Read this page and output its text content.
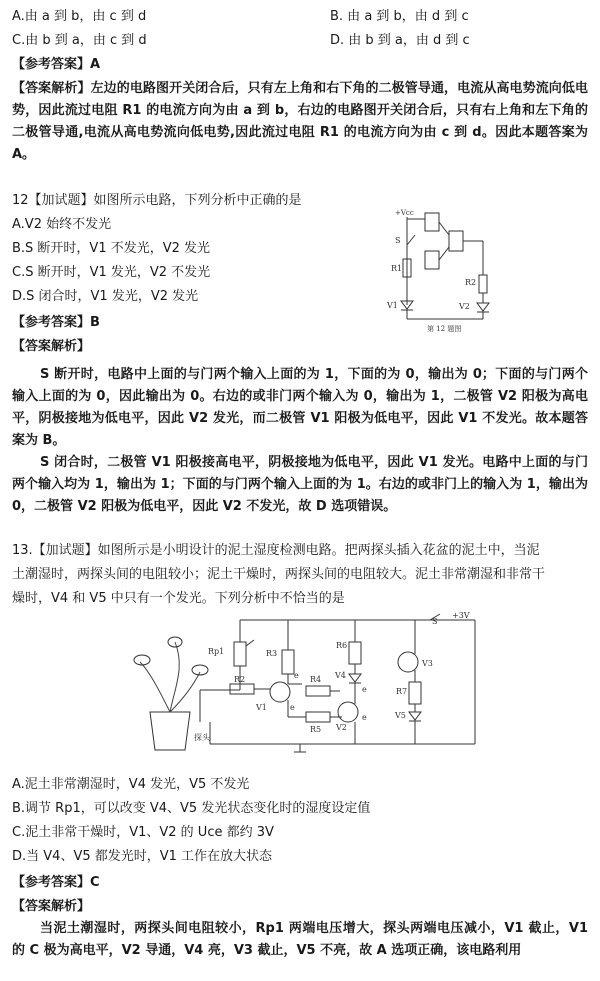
A.由 a 到 b，由 c 到 d	B. 由 a 到 b，由 d 到 c
C.由 b 到 a，由 c 到 d	D. 由 b 到 a，由 d 到 c
【参考答案】A

【答案解析】左边的电路图开关闭合后，只有左上角和右下角的二极管导通，电流从高电势流向低电势，因此流过电阻 R1 的电流方向为由 a 到 b，右边的电路图开关闭合后，只有右上角和左下角的二极管导通,电流从高电势流向低电势,因此流过电阻 R1 的电流方向为由 c 到 d。因此本题答案为 A。

12【加试题】如图所示电路，下列分析中正确的是
A.V2 始终不发光
B.S 断开时，V1 不发光，V2 发光
C.S 断开时，V1 发光，V2 不发光
D.S 闭合时，V1 发光，V2 发光
【参考答案】B
【答案解析】
+Vcc
S
R1
R2
V1	V2
第 12 题图

S 断开时，电路中上面的与门两个输入上面的为 1，下面的为 0，输出为 0；下面的与门两个输入上面的为 0，因此输出为 0。右边的或非门两个输入为 0，输出为 1，二极管 V2 阳极为高电平，阴极接地为低电平，因此 V2 发光，而二极管 V1 阳极为低电平，因此 V1 不发光。故本题答案为 B。

S 闭合时，二极管 V1 阳极接高电平，阴极接地为低电平，因此 V1 发光。电路中上面的与门两个输入均为 1，输出为 1；下面的与门两个输入上面的为 1。右边的或非门上的输入为 1，输出为 0，二极管 V2 阳极为低电平，因此 V2 不发光，故 D 选项错误。

13.【加试题】如图所示是小明设计的泥土湿度检测电路。把两探头插入花盆的泥土中，当泥
土潮湿时，两探头间的电阻较小；泥土干燥时，两探头间的电阻较大。泥土非常潮湿和非常干
燥时，V4 和 V5 中只有一个发光。下列分析中不恰当的是
S
+3V
Rp1
R2
R3
R4
R5
R6
R7
V1
V2
V3
V4
V5
e
e
e
e
探头
A.泥土非常潮湿时，V4 发光，V5 不发光
B.调节 Rp1，可以改变 V4、V5 发光状态变化时的湿度设定值
C.泥土非常干燥时，V1、V2 的 Uce 都约 3V
D.当 V4、V5 都发光时，V1 工作在放大状态
【参考答案】C
【答案解析】

当泥土潮湿时，两探头间电阻较小，Rp1 两端电压增大，探头两端电压减小，V1 截止，V1 的 C 极为高电平，V2 导通，V4 亮，V3 截止，V5 不亮，故 A 选项正确，该电路利用
